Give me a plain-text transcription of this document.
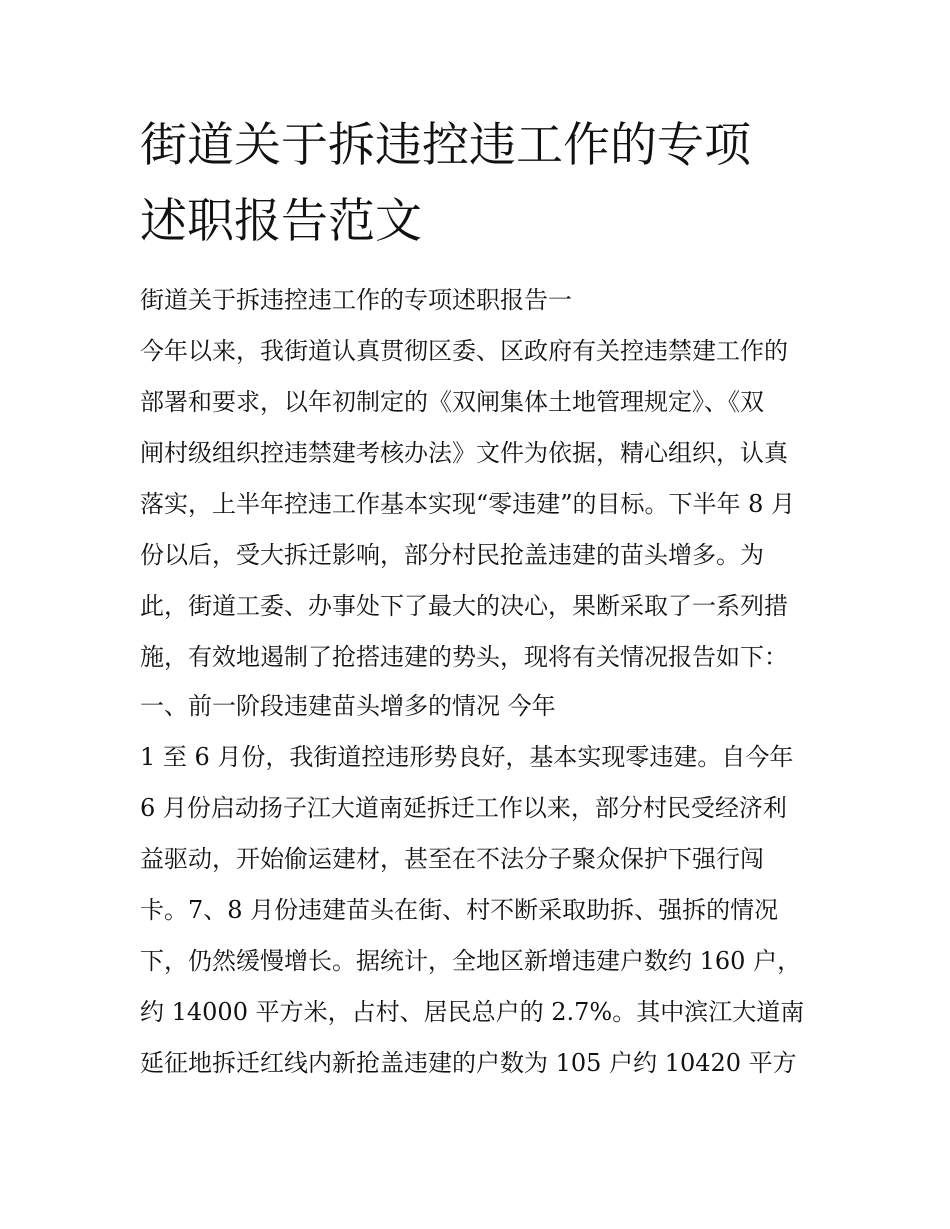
街道关于拆违控违工作的专项
述职报告范文

街道关于拆违控违工作的专项述职报告一

今年以来，我街道认真贯彻区委、区政府有关控违禁建工作的

部署和要求，以年初制定的《双闸集体土地管理规定》、《双

闸村级组织控违禁建考核办法》文件为依据，精心组织，认真

落实，上半年控违工作基本实现“零违建”的目标。下半年 8 月

份以后，受大拆迁影响，部分村民抢盖违建的苗头增多。为

此，街道工委、办事处下了最大的决心，果断采取了一系列措

施，有效地遏制了抢搭违建的势头，现将有关情况报告如下：

一、前一阶段违建苗头增多的情况 今年

1 至 6 月份，我街道控违形势良好，基本实现零违建。自今年

6 月份启动扬子江大道南延拆迁工作以来，部分村民受经济利

益驱动，开始偷运建材，甚至在不法分子聚众保护下强行闯

卡。7、8 月份违建苗头在街、村不断采取助拆、强拆的情况

下，仍然缓慢增长。据统计，全地区新增违建户数约 160 户，

约 14000 平方米，占村、居民总户的 2.7%。其中滨江大道南

延征地拆迁红线内新抢盖违建的户数为 105 户约 10420 平方
